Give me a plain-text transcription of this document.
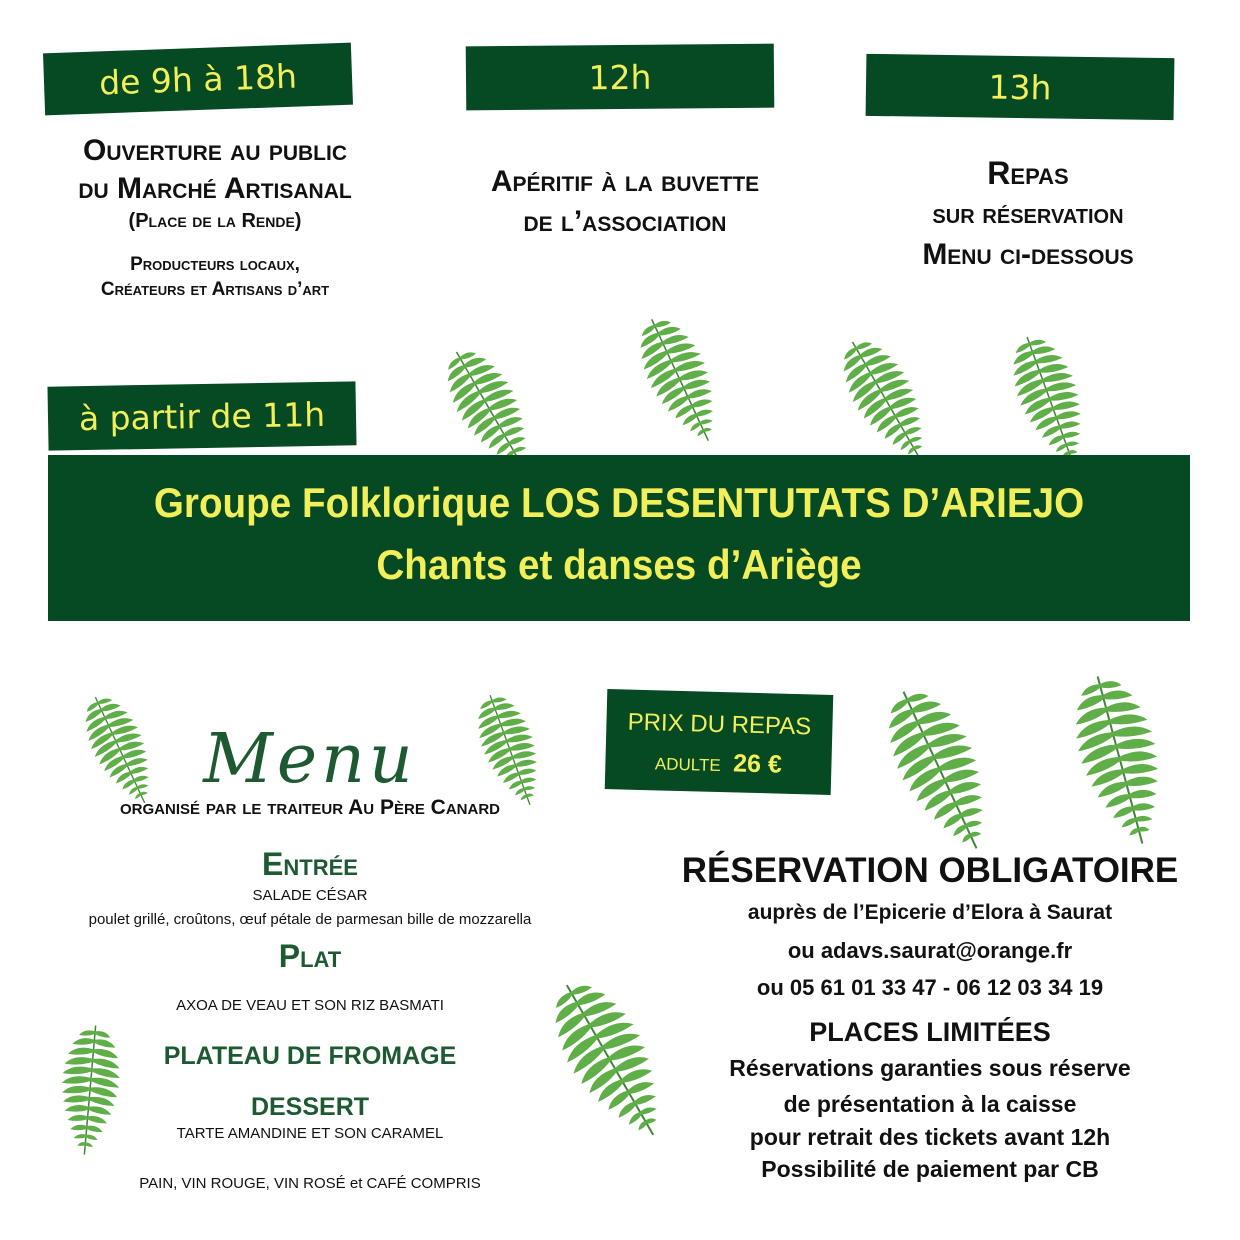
de 9h à 18h	12h	13h
Ouverture au public
du Marché Artisanal
(Place de la Rende)
Producteurs locaux,
Créateurs et Artisans d’art
Apéritif à la buvette
de l’association
Repas
sur réservation
Menu ci-dessous
à partir de 11h
Groupe Folklorique LOS DESENTUTATS D’ARIEJO
Chants et danses d’Ariège
Menu
organisé par le traiteur Au Père Canard
Entrée
SALADE CÉSAR
poulet grillé, croûtons, œuf pétale de parmesan bille de mozzarella
Plat
AXOA DE VEAU ET SON RIZ BASMATI
PLATEAU DE FROMAGE
DESSERT
TARTE AMANDINE ET SON CARAMEL
PAIN, VIN ROUGE, VIN ROSÉ et CAFÉ COMPRIS
PRIX DU REPAS
ADULTE 26 €
RÉSERVATION OBLIGATOIRE
auprès de l’Epicerie d’Elora à Saurat
ou adavs.saurat@orange.fr
ou 05 61 01 33 47 - 06 12 03 34 19
PLACES LIMITÉES
Réservations garanties sous réserve
de présentation à la caisse
pour retrait des tickets avant 12h
Possibilité de paiement par CB
